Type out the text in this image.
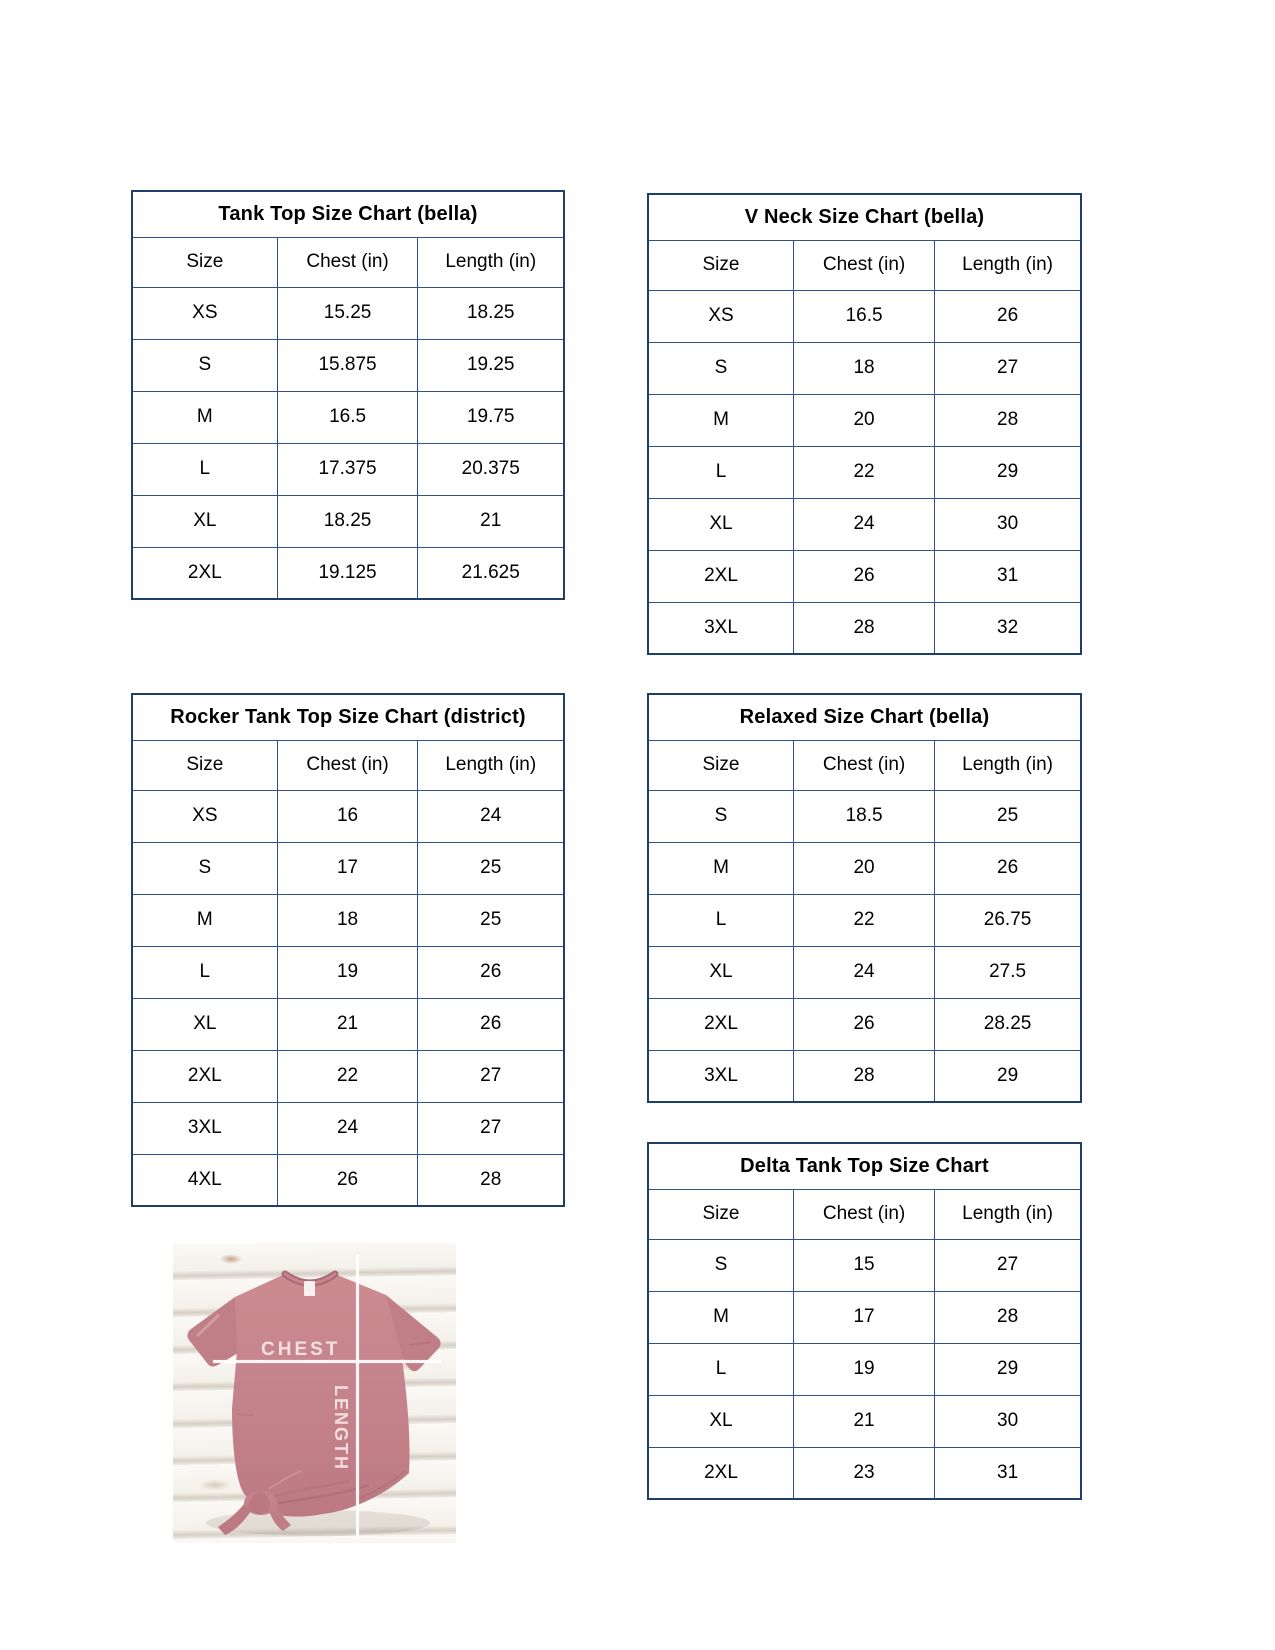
Tank Top Size Chart (bella)		
Size	Chest (in)	Length (in)
XS	15.25	18.25
S	15.875	19.25
M	16.5	19.75
L	17.375	20.375
XL	18.25	21
2XL	19.125	21.625
V Neck Size Chart (bella)		
Size	Chest (in)	Length (in)
XS	16.5	26
S	18	27
M	20	28
L	22	29
XL	24	30
2XL	26	31
3XL	28	32
Rocker Tank Top Size Chart (district)		
Size	Chest (in)	Length (in)
XS	16	24
S	17	25
M	18	25
L	19	26
XL	21	26
2XL	22	27
3XL	24	27
4XL	26	28
Relaxed Size Chart (bella)		
Size	Chest (in)	Length (in)
S	18.5	25
M	20	26
L	22	26.75
XL	24	27.5
2XL	26	28.25
3XL	28	29
Delta Tank Top Size Chart		
Size	Chest (in)	Length (in)
S	15	27
M	17	28
L	19	29
XL	21	30
2XL	23	31
CHEST
LENGTH
